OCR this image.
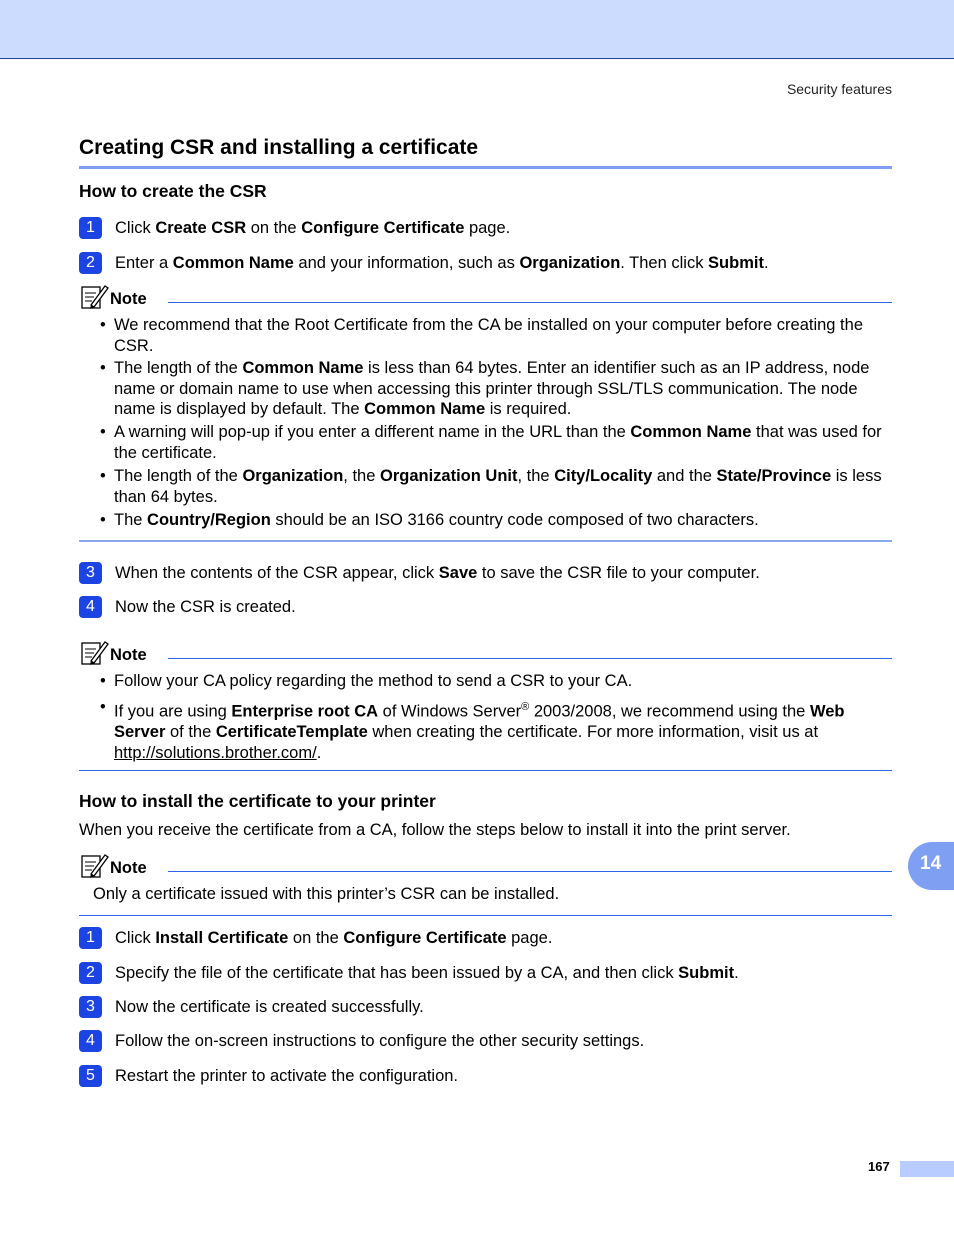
Security features
Creating CSR and installing a certificate
How to create the CSR
1	Click Create CSR on the Configure Certificate page.
2	Enter a Common Name and your information, such as Organization. Then click Submit.
Note
• We recommend that the Root Certificate from the CA be installed on your computer before creating the CSR.
• The length of the Common Name is less than 64 bytes. Enter an identifier such as an IP address, node name or domain name to use when accessing this printer through SSL/TLS communication. The node name is displayed by default. The Common Name is required.
• A warning will pop-up if you enter a different name in the URL than the Common Name that was used for the certificate.
• The length of the Organization, the Organization Unit, the City/Locality and the State/Province is less than 64 bytes.
• The Country/Region should be an ISO 3166 country code composed of two characters.
3	When the contents of the CSR appear, click Save to save the CSR file to your computer.
4	Now the CSR is created.
Note
• Follow your CA policy regarding the method to send a CSR to your CA.
• If you are using Enterprise root CA of Windows Server® 2003/2008, we recommend using the Web Server of the CertificateTemplate when creating the certificate. For more information, visit us at http://solutions.brother.com/.
How to install the certificate to your printer
When you receive the certificate from a CA, follow the steps below to install it into the print server.
Note
Only a certificate issued with this printer’s CSR can be installed.
1	Click Install Certificate on the Configure Certificate page.
2	Specify the file of the certificate that has been issued by a CA, and then click Submit.
3	Now the certificate is created successfully.
4	Follow the on-screen instructions to configure the other security settings.
5	Restart the printer to activate the configuration.
14
167
